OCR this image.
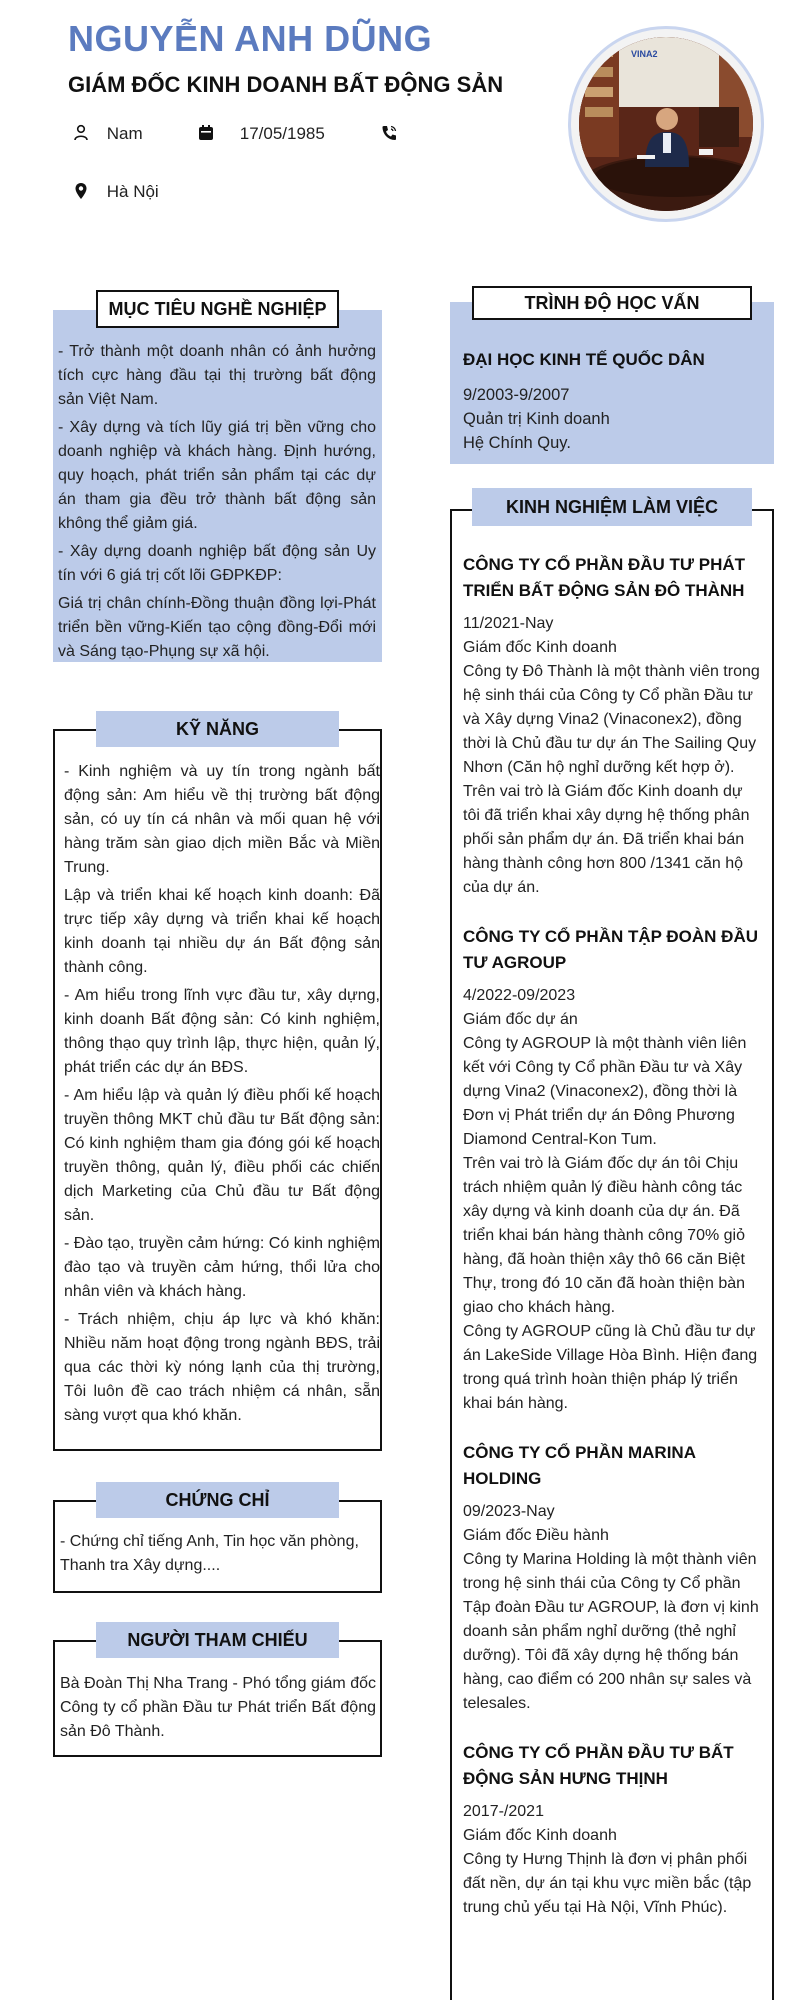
NGUYỄN ANH DŨNG
GIÁM ĐỐC KINH DOANH BẤT ĐỘNG SẢN
Nam	17/05/1985
Hà Nội
VINA2
MỤC TIÊU NGHỀ NGHIỆP

- Trở thành một doanh nhân có ảnh hưởng tích cực hàng đầu tại thị trường bất động sản Việt Nam.

- Xây dựng và tích lũy giá trị bền vững cho doanh nghiệp và khách hàng. Định hướng, quy hoạch, phát triển sản phẩm tại các dự án tham gia đều trở thành bất động sản không thể giảm giá.

- Xây dựng doanh nghiệp bất động sản Uy tín với 6 giá trị cốt lõi GĐPKĐP:

Giá trị chân chính-Đồng thuận đồng lợi-Phát triển bền vững-Kiến tạo cộng đồng-Đổi mới và Sáng tạo-Phụng sự xã hội.

KỸ NĂNG

- Kinh nghiệm và uy tín trong ngành bất động sản: Am hiểu về thị trường bất động sản, có uy tín cá nhân và mối quan hệ với hàng trăm sàn giao dịch miền Bắc và Miền Trung.

Lập và triển khai kế hoạch kinh doanh: Đã trực tiếp xây dựng và triển khai kế hoạch kinh doanh tại nhiều dự án Bất động sản thành công.

- Am hiểu trong lĩnh vực đầu tư, xây dựng, kinh doanh Bất động sản: Có kinh nghiệm, thông thạo quy trình lập, thực hiện, quản lý, phát triển các dự án BĐS.

- Am hiểu lập và quản lý điều phối kế hoạch truyền thông MKT chủ đầu tư Bất động sản: Có kinh nghiệm tham gia đóng gói kế hoạch truyền thông, quản lý, điều phối các chiến dịch Marketing của Chủ đầu tư Bất động sản.

- Đào tạo, truyền cảm hứng: Có kinh nghiệm đào tạo và truyền cảm hứng, thổi lửa cho nhân viên và khách hàng.

- Trách nhiệm, chịu áp lực và khó khăn: Nhiều năm hoạt động trong ngành BĐS, trải qua các thời kỳ nóng lạnh của thị trường, Tôi luôn đề cao trách nhiệm cá nhân, sẵn sàng vượt qua khó khăn.

CHỨNG CHỈ
- Chứng chỉ tiếng Anh, Tin học văn phòng, Thanh tra Xây dựng....
NGƯỜI THAM CHIẾU
Bà Đoàn Thị Nha Trang - Phó tổng giám đốc Công ty cổ phần Đầu tư Phát triển Bất động sản Đô Thành.
TRÌNH ĐỘ HỌC VẤN
ĐẠI HỌC KINH TẾ QUỐC DÂN
9/2003-9/2007
Quản trị Kinh doanh
Hệ Chính Quy.
KINH NGHIỆM LÀM VIỆC
CÔNG TY CỔ PHẦN ĐẦU TƯ PHÁT TRIỂN BẤT ĐỘNG SẢN ĐÔ THÀNH
11/2021-Nay
Giám đốc Kinh doanh
Công ty Đô Thành là một thành viên trong hệ sinh thái của Công ty Cổ phần Đầu tư và Xây dựng Vina2 (Vinaconex2), đồng thời là Chủ đầu tư dự án The Sailing Quy Nhơn (Căn hộ nghỉ dưỡng kết hợp ở).
Trên vai trò là Giám đốc Kinh doanh dự tôi đã triển khai xây dựng hệ thống phân phối sản phẩm dự án. Đã triển khai bán hàng thành công hơn 800 /1341 căn hộ của dự án.
CÔNG TY CỔ PHẦN TẬP ĐOÀN ĐẦU TƯ AGROUP
4/2022-09/2023
Giám đốc dự án
Công ty AGROUP là một thành viên liên kết với Công ty Cổ phần Đầu tư và Xây dựng Vina2 (Vinaconex2), đồng thời là Đơn vị Phát triển dự án Đông Phương Diamond Central-Kon Tum.
Trên vai trò là Giám đốc dự án tôi Chịu trách nhiệm quản lý điều hành công tác xây dựng và kinh doanh của dự án. Đã triển khai bán hàng thành công 70% giỏ hàng, đã hoàn thiện xây thô 66 căn Biệt Thự, trong đó 10 căn đã hoàn thiện bàn giao cho khách hàng.
Công ty AGROUP cũng là Chủ đầu tư dự án LakeSide Village Hòa Bình. Hiện đang trong quá trình hoàn thiện pháp lý triển khai bán hàng.
CÔNG TY CỔ PHẦN MARINA HOLDING
09/2023-Nay
Giám đốc Điều hành
Công ty Marina Holding là một thành viên trong hệ sinh thái của Công ty Cổ phần Tập đoàn Đầu tư AGROUP, là đơn vị kinh doanh sản phẩm nghỉ dưỡng (thẻ nghỉ dưỡng). Tôi đã xây dựng hệ thống bán hàng, cao điểm có 200 nhân sự sales và telesales.
CÔNG TY CỔ PHẦN ĐẦU TƯ BẤT ĐỘNG SẢN HƯNG THỊNH
2017-/2021
Giám đốc Kinh doanh
Công ty Hưng Thịnh là đơn vị phân phối đất nền, dự án tại khu vực miền bắc (tập trung chủ yếu tại Hà Nội, Vĩnh Phúc).
